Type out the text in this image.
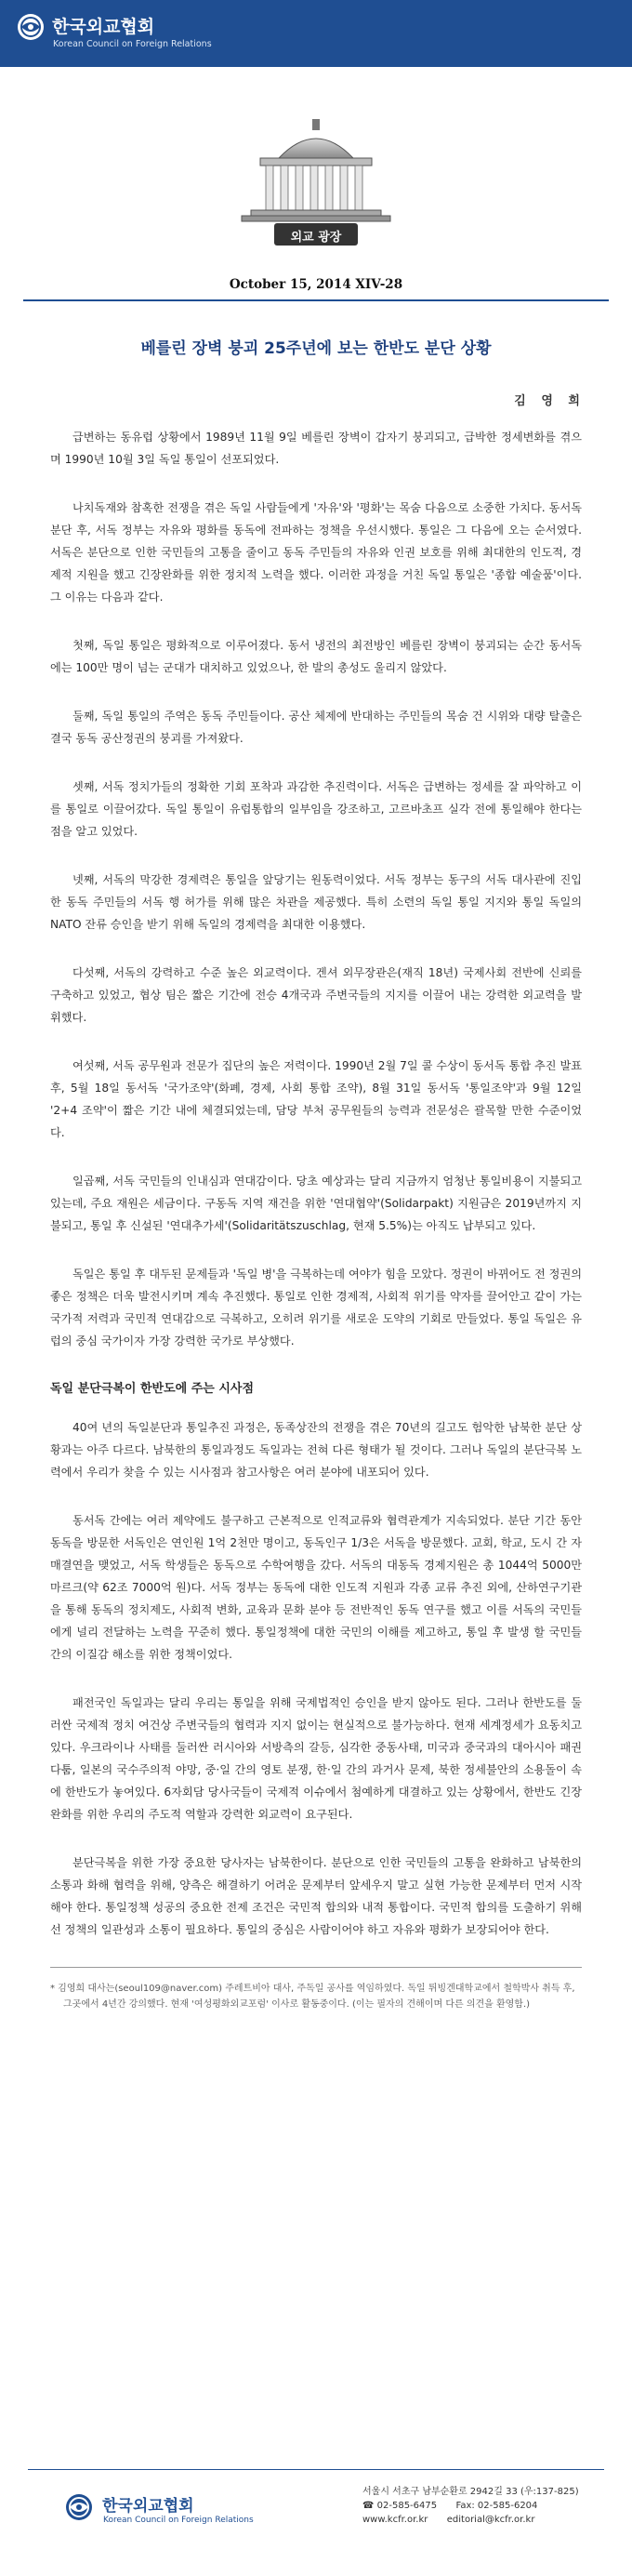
한국외교협회
Korean Council on Foreign Relations
외교 광장
October 15, 2014 XIV-28
베를린 장벽 붕괴 25주년에 보는 한반도 분단 상황
김 영 희

급변하는 동유럽 상황에서 1989년 11월 9일 베를린 장벽이 갑자기 붕괴되고, 급박한 정세변화를 겪으며 1990년 10월 3일 독일 통일이 선포되었다.

나치독재와 참혹한 전쟁을 겪은 독일 사람들에게 '자유'와 '평화'는 목숨 다음으로 소중한 가치다. 동서독 분단 후, 서독 정부는 자유와 평화를 동독에 전파하는 정책을 우선시했다. 통일은 그 다음에 오는 순서였다. 서독은 분단으로 인한 국민들의 고통을 줄이고 동독 주민들의 자유와 인권 보호를 위해 최대한의 인도적, 경제적 지원을 했고 긴장완화를 위한 정치적 노력을 했다. 이러한 과정을 거친 독일 통일은 '종합 예술품'이다. 그 이유는 다음과 같다.

첫째, 독일 통일은 평화적으로 이루어졌다. 동서 냉전의 최전방인 베를린 장벽이 붕괴되는 순간 동서독에는 100만 명이 넘는 군대가 대치하고 있었으나, 한 발의 총성도 울리지 않았다.

둘째, 독일 통일의 주역은 동독 주민들이다. 공산 체제에 반대하는 주민들의 목숨 건 시위와 대량 탈출은 결국 동독 공산정권의 붕괴를 가져왔다.

셋째, 서독 정치가들의 정확한 기회 포착과 과감한 추진력이다. 서독은 급변하는 정세를 잘 파악하고 이를 통일로 이끌어갔다. 독일 통일이 유럽통합의 일부임을 강조하고, 고르바초프 실각 전에 통일해야 한다는 점을 알고 있었다.

넷째, 서독의 막강한 경제력은 통일을 앞당기는 원동력이었다. 서독 정부는 동구의 서독 대사관에 진입한 동독 주민들의 서독 행 허가를 위해 많은 차관을 제공했다. 특히 소련의 독일 통일 지지와 통일 독일의 NATO 잔류 승인을 받기 위해 독일의 경제력을 최대한 이용했다.

다섯째, 서독의 강력하고 수준 높은 외교력이다. 겐셔 외무장관은(재직 18년) 국제사회 전반에 신뢰를 구축하고 있었고, 협상 팀은 짧은 기간에 전승 4개국과 주변국들의 지지를 이끌어 내는 강력한 외교력을 발휘했다.

여섯째, 서독 공무원과 전문가 집단의 높은 저력이다. 1990년 2월 7일 콜 수상이 동서독 통합 추진 발표 후, 5월 18일 동서독 '국가조약'(화폐, 경제, 사회 통합 조약), 8월 31일 동서독 '통일조약'과 9월 12일 '2+4 조약'이 짧은 기간 내에 체결되었는데, 담당 부처 공무원들의 능력과 전문성은 괄목할 만한 수준이었다.

일곱째, 서독 국민들의 인내심과 연대감이다. 당초 예상과는 달리 지금까지 엄청난 통일비용이 지불되고 있는데, 주요 재원은 세금이다. 구동독 지역 재건을 위한 '연대협약'(Solidarpakt) 지원금은 2019년까지 지불되고, 통일 후 신설된 '연대추가세'(Solidaritätszuschlag, 현재 5.5%)는 아직도 납부되고 있다.

독일은 통일 후 대두된 문제들과 '독일 병'을 극복하는데 여야가 힘을 모았다. 정권이 바뀌어도 전 정권의 좋은 정책은 더욱 발전시키며 계속 추진했다. 통일로 인한 경제적, 사회적 위기를 약자를 끌어안고 같이 가는 국가적 저력과 국민적 연대감으로 극복하고, 오히려 위기를 새로운 도약의 기회로 만들었다. 통일 독일은 유럽의 중심 국가이자 가장 강력한 국가로 부상했다.

독일 분단극복이 한반도에 주는 시사점

40여 년의 독일분단과 통일추진 과정은, 동족상잔의 전쟁을 겪은 70년의 길고도 험악한 남북한 분단 상황과는 아주 다르다. 남북한의 통일과정도 독일과는 전혀 다른 형태가 될 것이다. 그러나 독일의 분단극복 노력에서 우리가 찾을 수 있는 시사점과 참고사항은 여러 분야에 내포되어 있다.

동서독 간에는 여러 제약에도 불구하고 근본적으로 인적교류와 협력관계가 지속되었다. 분단 기간 동안 동독을 방문한 서독인은 연인원 1억 2천만 명이고, 동독인구 1/3은 서독을 방문했다. 교회, 학교, 도시 간 자매결연을 맺었고, 서독 학생들은 동독으로 수학여행을 갔다. 서독의 대동독 경제지원은 총 1044억 5000만 마르크(약 62조 7000억 원)다. 서독 정부는 동독에 대한 인도적 지원과 각종 교류 추진 외에, 산하연구기관을 통해 동독의 정치제도, 사회적 변화, 교육과 문화 분야 등 전반적인 동독 연구를 했고 이를 서독의 국민들에게 널리 전달하는 노력을 꾸준히 했다. 통일정책에 대한 국민의 이해를 제고하고, 통일 후 발생 할 국민들 간의 이질감 해소를 위한 정책이었다.

패전국인 독일과는 달리 우리는 통일을 위해 국제법적인 승인을 받지 않아도 된다. 그러나 한반도를 둘러싼 국제적 정치 여건상 주변국들의 협력과 지지 없이는 현실적으로 불가능하다. 현재 세계정세가 요동치고 있다. 우크라이나 사태를 둘러싼 러시아와 서방측의 갈등, 심각한 중동사태, 미국과 중국과의 대아시아 패권 다툼, 일본의 국수주의적 야망, 중·일 간의 영토 분쟁, 한·일 간의 과거사 문제, 북한 정세불안의 소용돌이 속에 한반도가 놓여있다. 6자회담 당사국들이 국제적 이슈에서 첨예하게 대결하고 있는 상황에서, 한반도 긴장완화를 위한 우리의 주도적 역할과 강력한 외교력이 요구된다.

분단극복을 위한 가장 중요한 당사자는 남북한이다. 분단으로 인한 국민들의 고통을 완화하고 남북한의 소통과 화해 협력을 위해, 양측은 해결하기 어려운 문제부터 앞세우지 말고 실현 가능한 문제부터 먼저 시작해야 한다. 통일정책 성공의 중요한 전제 조건은 국민적 합의와 내적 통합이다. 국민적 합의를 도출하기 위해선 정책의 일관성과 소통이 필요하다. 통일의 중심은 사람이어야 하고 자유와 평화가 보장되어야 한다.

* 김영희 대사는(seoul109@naver.com) 주레트비아 대사, 주독일 공사를 역임하였다. 독일 튀빙겐대학교에서 철학박사 취득 후, 그곳에서 4년간 강의했다. 현재 '여성평화외교포럼' 이사로 활동중이다. (이는 필자의 견해이며 다른 의견을 환영함.)

한국외교협회
Korean Council on Foreign Relations
서울시 서초구 남부순환로 2942길 33 (우:137-825)
☎ 02-585-6475 Fax: 02-585-6204
www.kcfr.or.kr editorial@kcfr.or.kr
